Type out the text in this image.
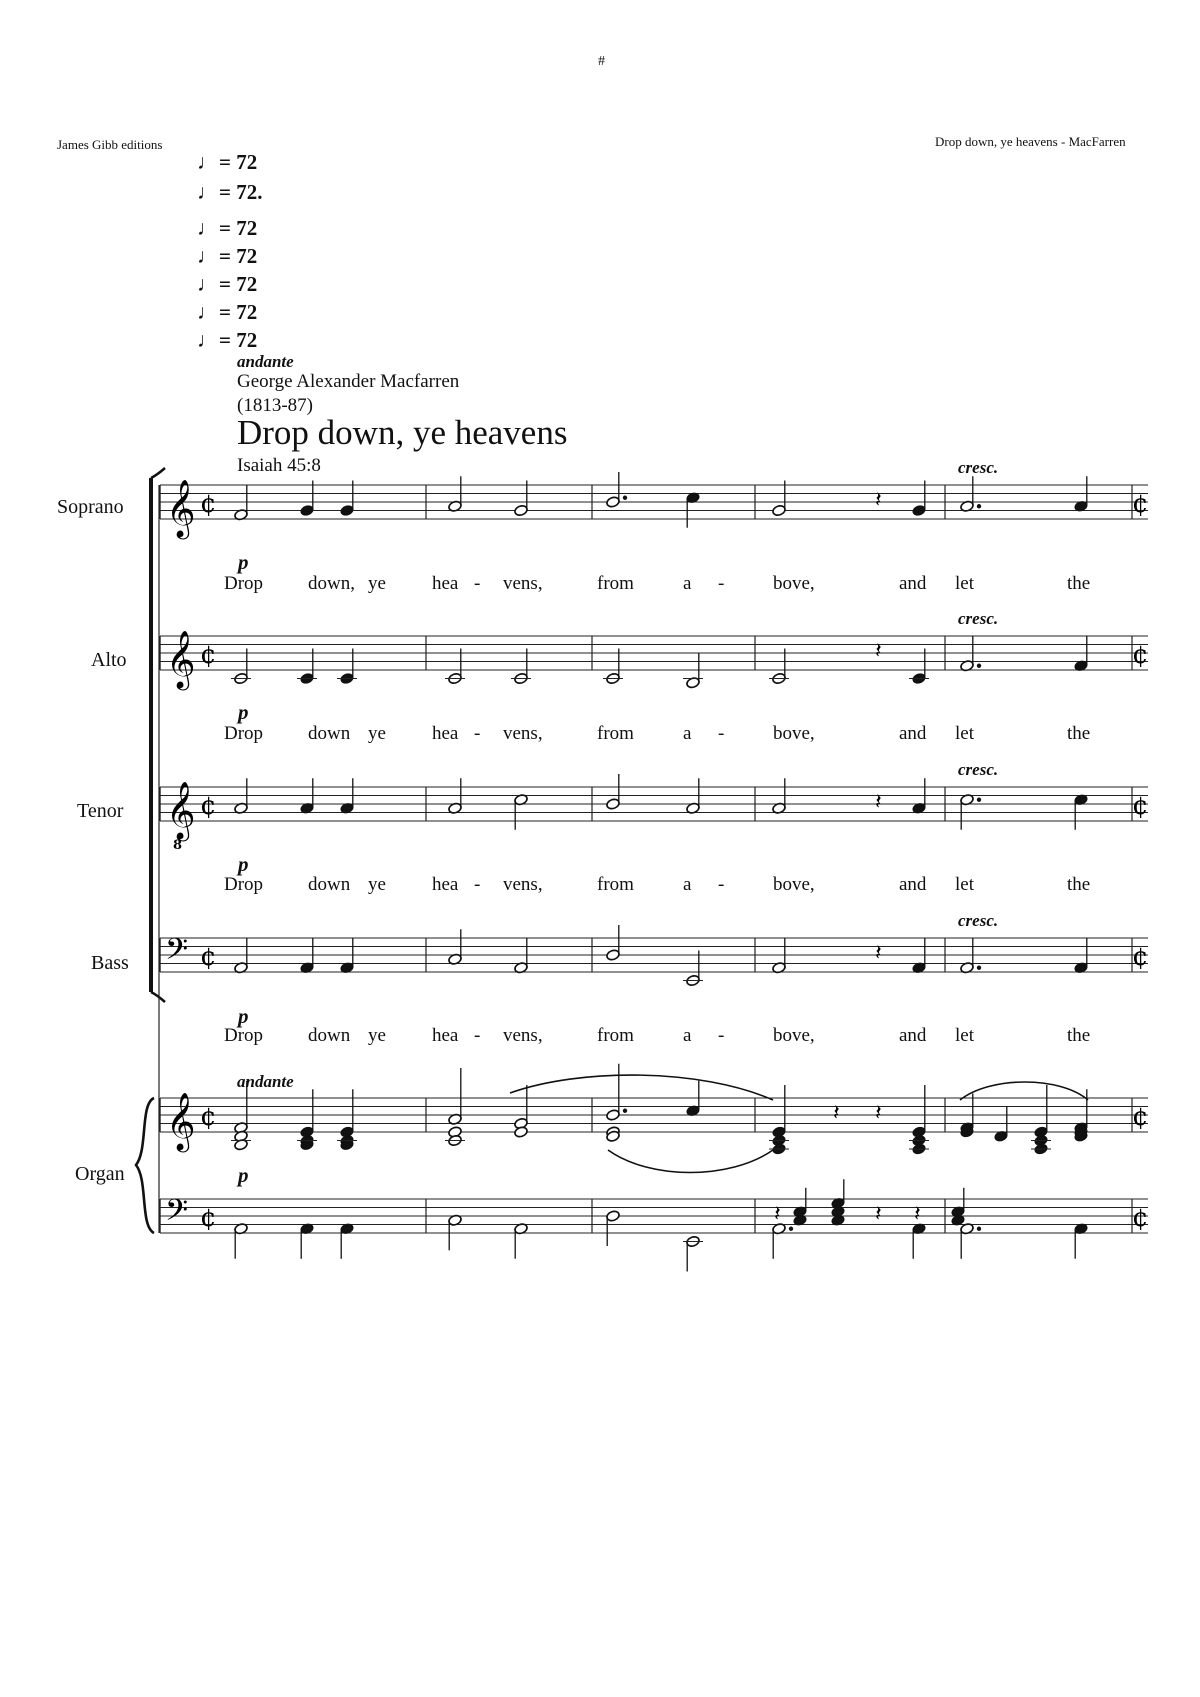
#
James Gibb editions	Drop down, ye heavens - MacFarren
♩= 72
♩= 72.
♩= 72
♩= 72
♩= 72
♩= 72
♩= 72
andante
George Alexander Macfarren
(1813-87)
Drop down, ye heavens
Isaiah 45:8
Soprano
Alto
Tenor
Bass
Organ
cresc.
cresc.
cresc.
cresc.
p
p
p
p
andante
p
Drop down, ye hea - vens,	from	a -	bove,	and let	the
Drop down ye hea - vens,	from	a -	bove,	and let	the
Drop down ye hea - vens,	from	a -	bove,	and let	the
Drop down ye hea - vens,	from	a -	bove,	and let	the
𝄞 ¢	¢
𝄞 ¢	¢
𝄞
8
¢	¢
𝄢 ¢	¢
𝄞 ¢	¢
𝄢 ¢	¢
𝄽
𝄽
𝄽
𝄽
𝄽 𝄽
𝄽 𝄽
𝄽
